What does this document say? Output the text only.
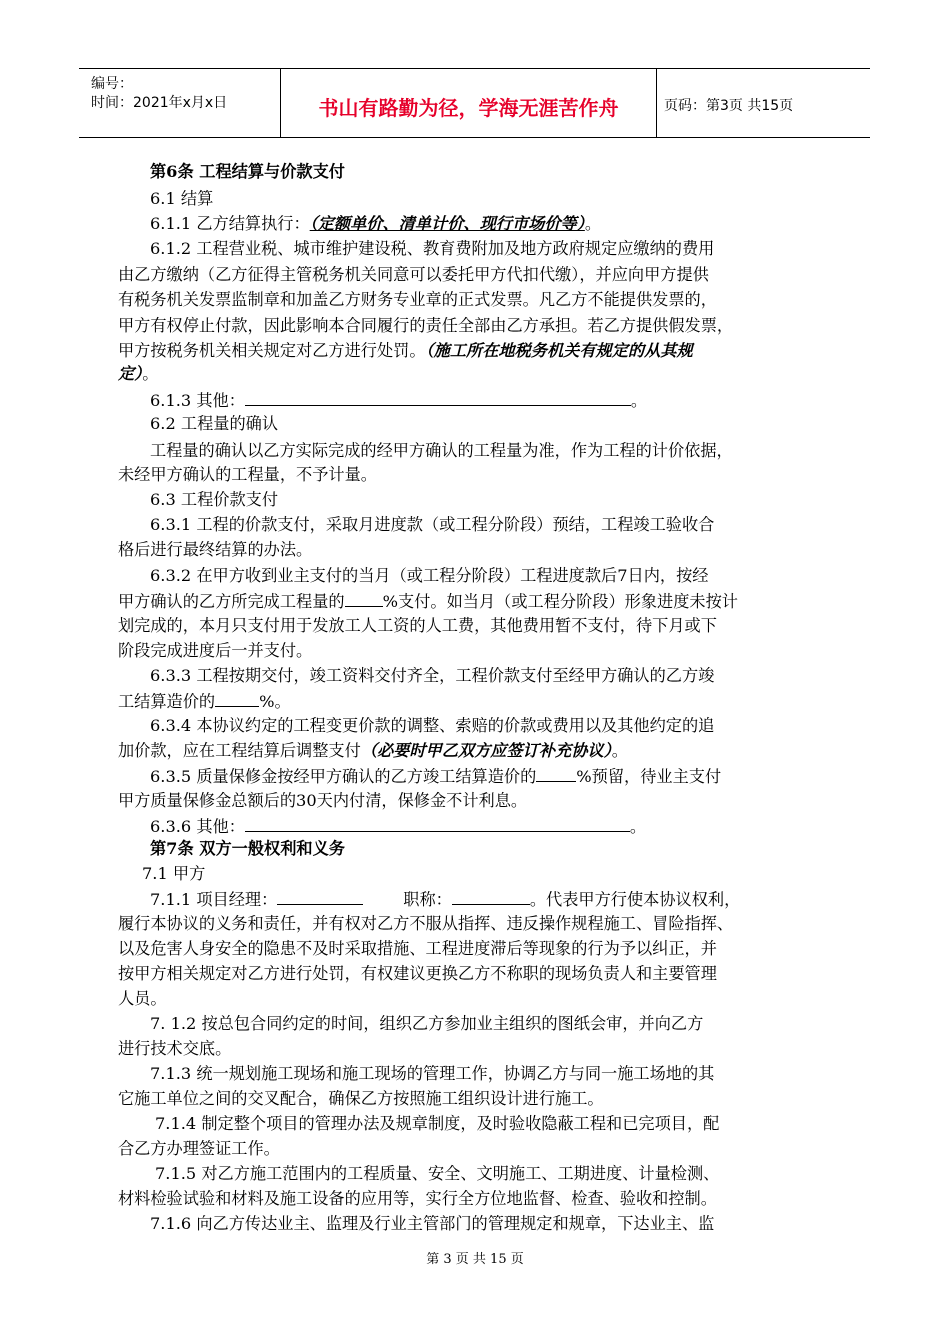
编号：
时间：2021年x月x日	书山有路勤为径，学海无涯苦作舟	页码：第3页 共15页
第6条 工程结算与价款支付
6.1 结算
6.1.1 乙方结算执行：（定额单价、清单计价、现行市场价等）。
6.1.2 工程营业税、城市维护建设税、教育费附加及地方政府规定应缴纳的费用
由乙方缴纳（乙方征得主管税务机关同意可以委托甲方代扣代缴），并应向甲方提供
有税务机关发票监制章和加盖乙方财务专业章的正式发票。凡乙方不能提供发票的，
甲方有权停止付款，因此影响本合同履行的责任全部由乙方承担。若乙方提供假发票，
甲方按税务机关相关规定对乙方进行处罚。（施工所在地税务机关有规定的从其规
定）。
6.1.3 其他：	。
6.2 工程量的确认
工程量的确认以乙方实际完成的经甲方确认的工程量为准，作为工程的计价依据，
未经甲方确认的工程量，不予计量。
6.3 工程价款支付
6.3.1 工程的价款支付，采取月进度款（或工程分阶段）预结，工程竣工验收合
格后进行最终结算的办法。
6.3.2 在甲方收到业主支付的当月（或工程分阶段）工程进度款后7日内，按经
甲方确认的乙方所完成工程量的 %支付。如当月（或工程分阶段）形象进度未按计
划完成的，本月只支付用于发放工人工资的人工费，其他费用暂不支付，待下月或下
阶段完成进度后一并支付。
6.3.3 工程按期交付，竣工资料交付齐全，工程价款支付至经甲方确认的乙方竣
工结算造价的	%。
6.3.4 本协议约定的工程变更价款的调整、索赔的价款或费用以及其他约定的追
加价款，应在工程结算后调整支付（必要时甲乙双方应签订补充协议）。
6.3.5 质量保修金按经甲方确认的乙方竣工结算造价的 %预留，待业主支付
甲方质量保修金总额后的30天内付清，保修金不计利息。
6.3.6 其他：	。
第7条 双方一般权利和义务
7.1 甲方
7.1.1 项目经理：	职称：	。代表甲方行使本协议权利，
履行本协议的义务和责任，并有权对乙方不服从指挥、违反操作规程施工、冒险指挥、
以及危害人身安全的隐患不及时采取措施、工程进度滞后等现象的行为予以纠正，并
按甲方相关规定对乙方进行处罚，有权建议更换乙方不称职的现场负责人和主要管理
人员。
7. 1.2 按总包合同约定的时间，组织乙方参加业主组织的图纸会审，并向乙方
进行技术交底。
7.1.3 统一规划施工现场和施工现场的管理工作，协调乙方与同一施工场地的其
它施工单位之间的交叉配合，确保乙方按照施工组织设计进行施工。
7.1.4 制定整个项目的管理办法及规章制度，及时验收隐蔽工程和已完项目，配
合乙方办理签证工作。
7.1.5 对乙方施工范围内的工程质量、安全、文明施工、工期进度、计量检测、
材料检验试验和材料及施工设备的应用等，实行全方位地监督、检查、验收和控制。
7.1.6 向乙方传达业主、监理及行业主管部门的管理规定和规章，下达业主、监
第 3 页 共 15 页
